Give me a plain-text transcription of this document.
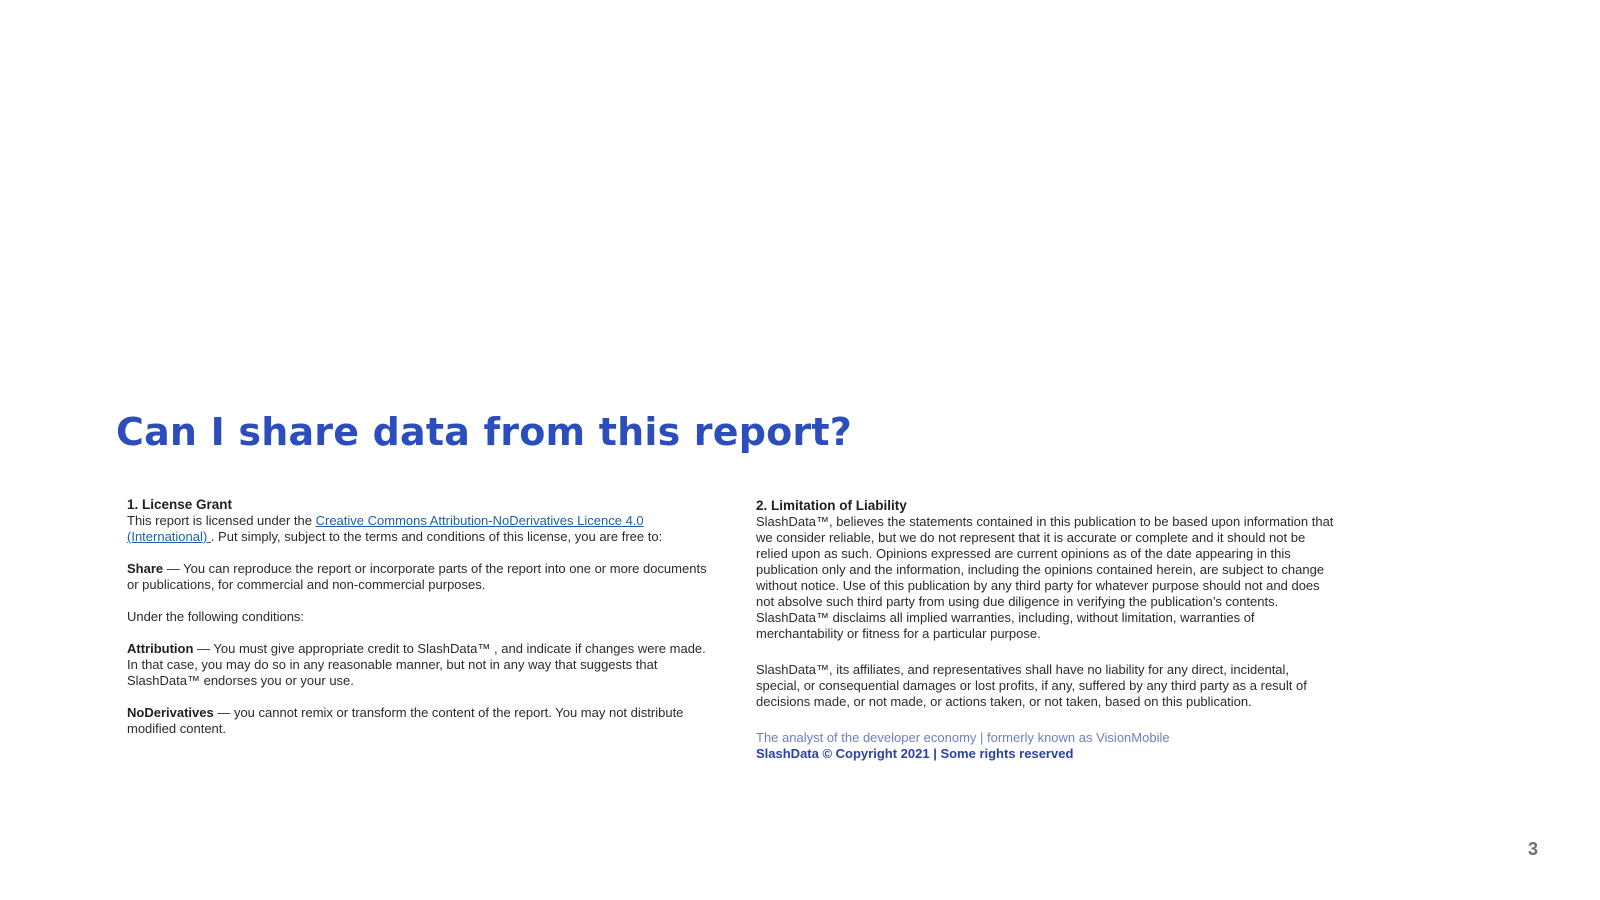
Can I share data from this report?

1. License Grant

This report is licensed under the Creative Commons Attribution-NoDerivatives Licence 4.0 (International) . Put simply, subject to the terms and conditions of this license, you are free to:

Share — You can reproduce the report or incorporate parts of the report into one or more documents or publications, for commercial and non-commercial purposes.

Under the following conditions:

Attribution — You must give appropriate credit to SlashData™ , and indicate if changes were made. In that case, you may do so in any reasonable manner, but not in any way that suggests that SlashData™ endorses you or your use.

NoDerivatives — you cannot remix or transform the content of the report. You may not distribute modified content.

2. Limitation of Liability

SlashData™, believes the statements contained in this publication to be based upon information that we consider reliable, but we do not represent that it is accurate or complete and it should not be relied upon as such. Opinions expressed are current opinions as of the date appearing in this publication only and the information, including the opinions contained herein, are subject to change without notice. Use of this publication by any third party for whatever purpose should not and does not absolve such third party from using due diligence in verifying the publication’s contents. SlashData™ disclaims all implied warranties, including, without limitation, warranties of merchantability or fitness for a particular purpose.

SlashData™, its affiliates, and representatives shall have no liability for any direct, incidental, special, or consequential damages or lost profits, if any, suffered by any third party as a result of decisions made, or not made, or actions taken, or not taken, based on this publication.

The analyst of the developer economy | formerly known as VisionMobile

SlashData © Copyright 2021 | Some rights reserved

3
